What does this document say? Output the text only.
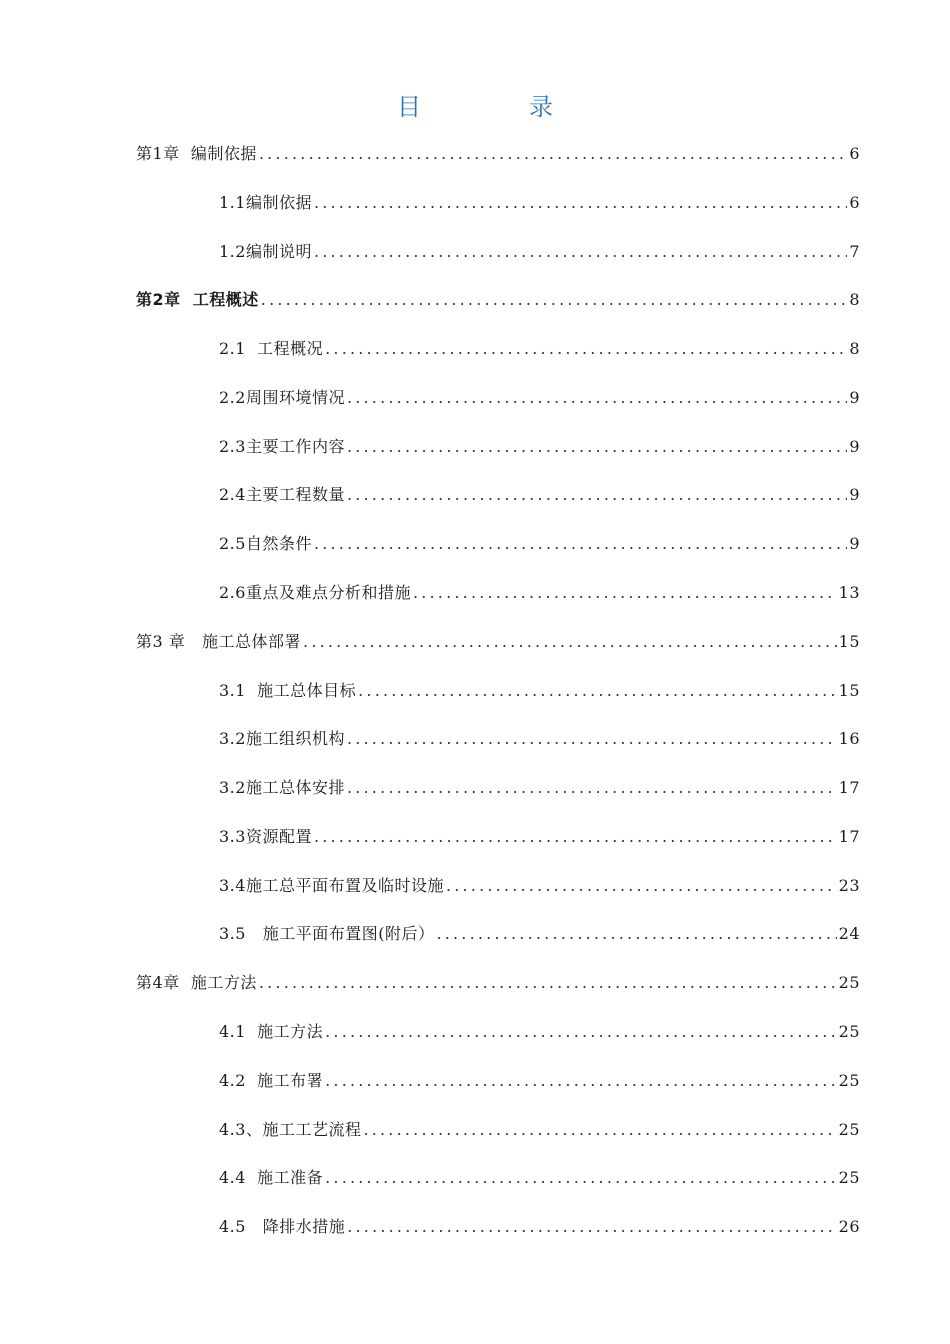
目	录
第1章  编制依据 .....	6
1.1编制依据 .....	6
1.2编制说明 .....	7
第2章  工程概述 .....	8
2.1  工程概况 .....	8
2.2周围环境情况 .....	9
2.3主要工作内容 .....	9
2.4主要工程数量 .....	9
2.5自然条件 .....	9
2.6重点及难点分析和措施 .....	13
第3 章   施工总体部署 .....	15
3.1  施工总体目标 .....	15
3.2施工组织机构 .....	16
3.2施工总体安排 .....	17
3.3资源配置 .....	17
3.4施工总平面布置及临时设施 .....	23
3.5   施工平面布置图(附后） .....	24
第4章  施工方法 .....	25
4.1  施工方法 .....	25
4.2  施工布署 .....	25
4.3、施工工艺流程 .....	25
4.4  施工准备 .....	25
4.5   降排水措施 .....	26
